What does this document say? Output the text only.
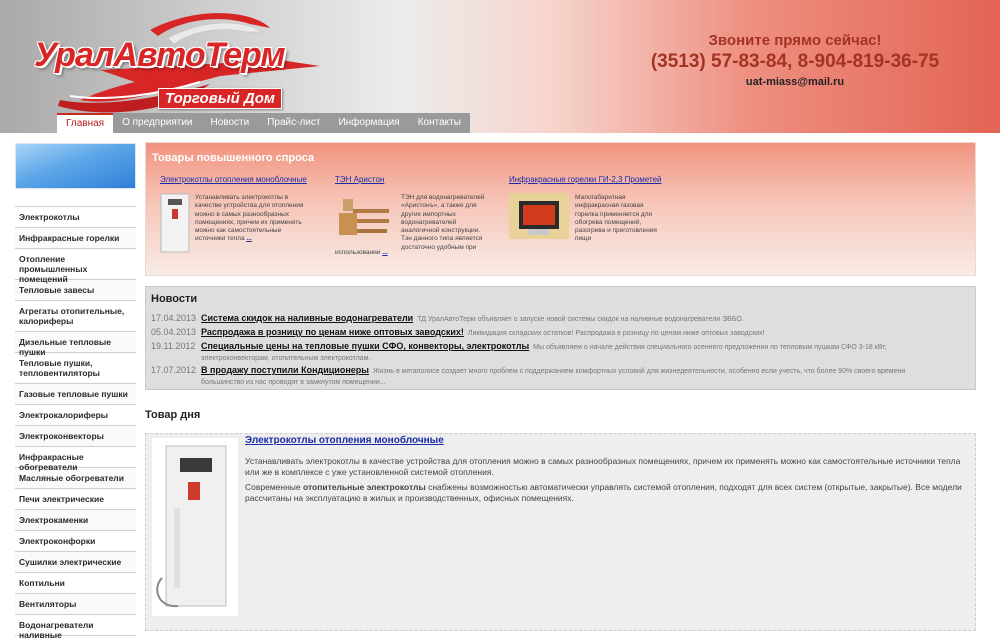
УралАвтоТерм
Торговый Дом
Звоните прямо сейчас!
(3513) 57-83-84, 8-904-819-36-75
uat-miass@mail.ru
Главная	О предприятии	Новости	Прайс-лист	Информация	Контакты
Электрокотлы
Инфракрасные горелки
Отопление промышленных помещений
Тепловые завесы
Агрегаты отопительные, калориферы
Дизельные тепловые пушки
Тепловые пушки, тепловентиляторы
Газовые тепловые пушки
Электрокалориферы
Электроконвекторы
Инфракрасные обогреватели
Масляные обогреватели
Печи электрические
Электрокаменки
Электроконфорки
Сушилки электрические
Коптильни
Вентиляторы
Водонагреватели наливные
Товары повышенного спроса
Электрокотлы отопления моноблочные
Устанавливать электрокотлы в качестве устройства для отопления можно в самых разнообразных помещениях, причем их применять можно как самостоятельные источники тепла ...
ТЭН Аристон
ТЭН для водонагревателей «Аристонъ», а также для других импортных водонагревателей аналогичной конструкции. Тэн данного типа является достаточно удобным при
использовании ...
Инфракрасные горелки ГИ-2,3 Прометей
Малогабаритная инфракрасная газовая горелка применяется для обогрева помещений, разогрева и приготовления пищи
Новости
17.04.2013 Система скидок на наливные водонагреватели ТД УралАвтоТерм объявляет о запуске новой системы скидок на наливные водонагреватели ЭВБО.
05.04.2013 Распродажа в розницу по ценам ниже оптовых заводских! Ликвидация складских остатков! Распродажа в розницу по ценам ниже оптовых заводских!
19.11.2012 Специальные цены на тепловые пушки СФО, конвекторы, электрокотлы Мы объявляем о начале действия специального осеннего предложения по тепловым пушкам СФО 3-18 кВт,
электроконвекторам, отопительным электрокотлам.
17.07.2012 В продажу поступили Кондиционеры Жизнь в мегаполисе создает много проблем с поддержанием комфортных условий для жизнедеятельности, особенно если учесть, что более 90% своего времени
большинство из нас проводят в замкнутом помещении...
Товар дня
Электрокотлы отопления моноблочные
Устанавливать электрокотлы в качестве устройства для отопления можно в самых разнообразных помещениях, причем их применять можно как самостоятельные источники тепла или же в комплексе с уже установленной системой отопления.
Современные отопительные электрокотлы снабжены возможностью автоматически управлять системой отопления, подходят для всех систем (открытые, закрытые). Все модели рассчитаны на эксплуатацию в жилых и производственных, офисных помещениях.
